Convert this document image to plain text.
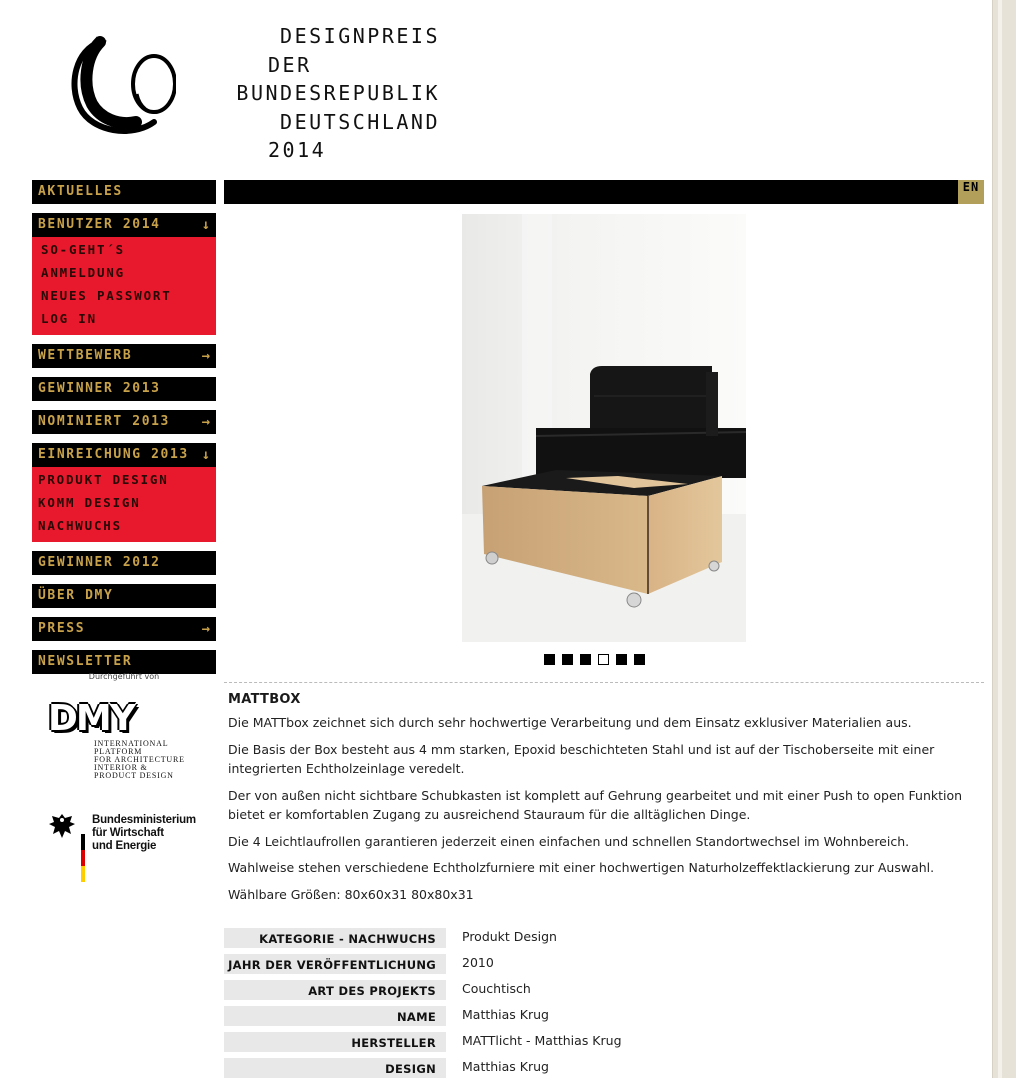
DESIGNPREIS
DER
BUNDESREPUBLIK
DEUTSCHLAND
2014
AKTUELLES
BENUTZER 2014	↓
SO-GEHT´S
ANMELDUNG
NEUES PASSWORT
LOG IN
WETTBEWERB	→
GEWINNER 2013
NOMINIERT 2013 →
EINREICHUNG 2013 ↓
PRODUKT DESIGN
KOMM DESIGN
NACHWUCHS
GEWINNER 2012
ÜBER DMY
PRESS	→
NEWSLETTER
Durchgeführt von
DMY
INTERNATIONAL
PLATFORM
FOR ARCHITECTURE
INTERIOR &
PRODUCT DESIGN
Bundesministerium
für Wirtschaft
und Energie
EN
MATTBOX

Die MATTbox zeichnet sich durch sehr hochwertige Verarbeitung und dem Einsatz exklusiver Materialien aus.

Die Basis der Box besteht aus 4 mm starken, Epoxid beschichteten Stahl und ist auf der Tischoberseite mit einer integrierten Echtholzeinlage veredelt.

Der von außen nicht sichtbare Schubkasten ist komplett auf Gehrung gearbeitet und mit einer Push to open Funktion bietet er komfortablen Zugang zu ausreichend Stauraum für die alltäglichen Dinge.

Die 4 Leichtlaufrollen garantieren jederzeit einen einfachen und schnellen Standortwechsel im Wohnbereich.

Wahlweise stehen verschiedene Echtholzfurniere mit einer hochwertigen Naturholzeffektlackierung zur Auswahl.

Wählbare Größen: 80x60x31 80x80x31

KATEGORIE - NACHWUCHS	Produkt Design
JAHR DER VERÖFFENTLICHUNG	2010
ART DES PROJEKTS	Couchtisch
NAME	Matthias Krug
HERSTELLER	MATTlicht - Matthias Krug
DESIGN	Matthias Krug
